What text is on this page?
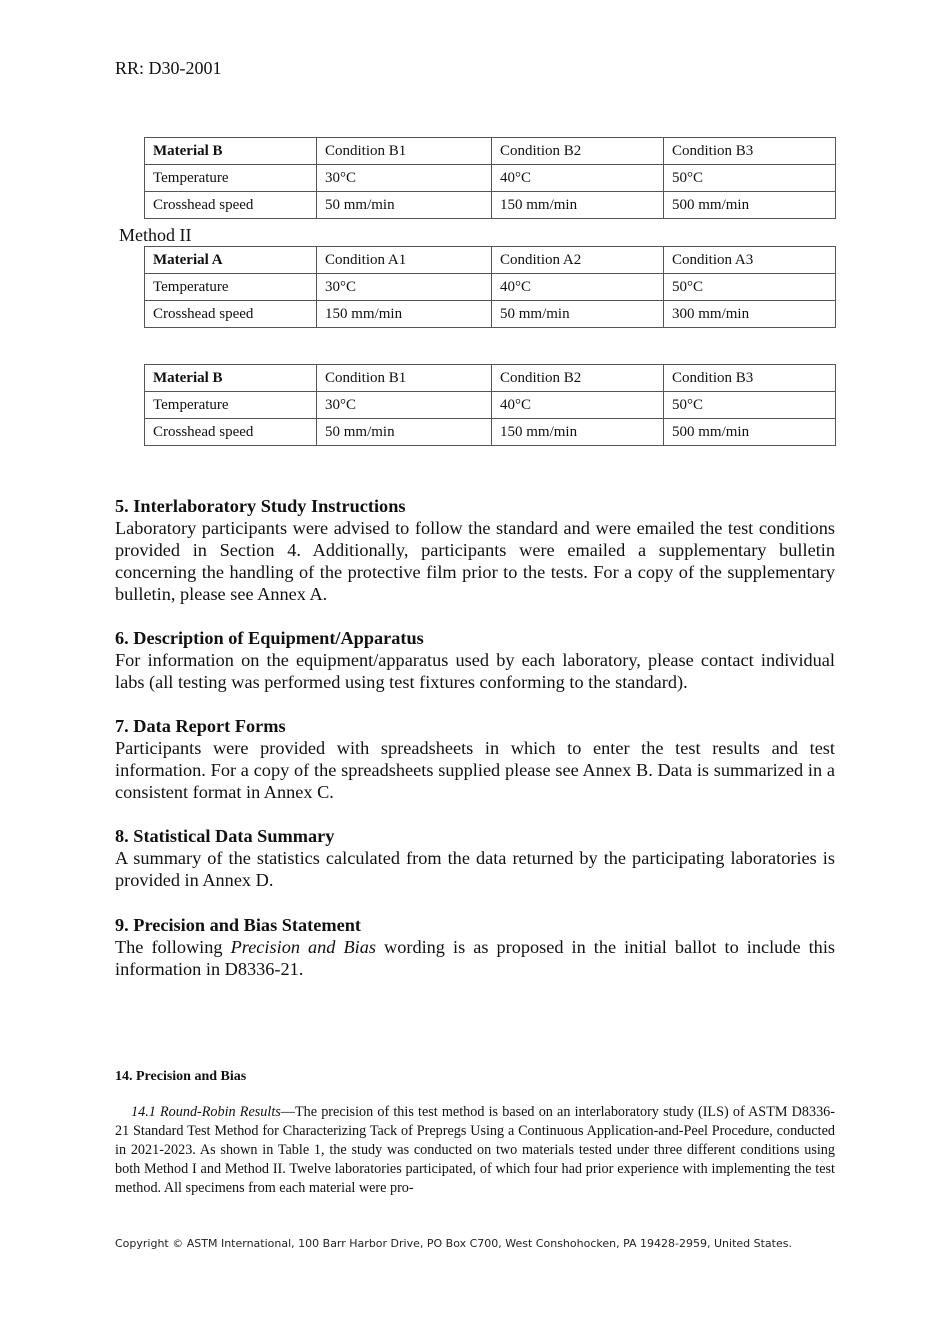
RR: D30-2001
Material B	Condition B1	Condition B2	Condition B3
Temperature	30°C	40°C	50°C
Crosshead speed	50 mm/min	150 mm/min	500 mm/min
Method II
Material A	Condition A1	Condition A2	Condition A3
Temperature	30°C	40°C	50°C
Crosshead speed	150 mm/min	50 mm/min	300 mm/min
Material B	Condition B1	Condition B2	Condition B3
Temperature	30°C	40°C	50°C
Crosshead speed	50 mm/min	150 mm/min	500 mm/min
5. Interlaboratory Study Instructions

Laboratory participants were advised to follow the standard and were emailed the test conditions provided in Section 4. Additionally, participants were emailed a supplementary bulletin concerning the handling of the protective film prior to the tests. For a copy of the supplementary bulletin, please see Annex A.

6. Description of Equipment/Apparatus

For information on the equipment/apparatus used by each laboratory, please contact individual labs (all testing was performed using test fixtures conforming to the standard).

7. Data Report Forms

Participants were provided with spreadsheets in which to enter the test results and test information. For a copy of the spreadsheets supplied please see Annex B. Data is summarized in a consistent format in Annex C.

8. Statistical Data Summary

A summary of the statistics calculated from the data returned by the participating laboratories is provided in Annex D.

9. Precision and Bias Statement

The following Precision and Bias wording is as proposed in the initial ballot to include this information in D8336-21.

14. Precision and Bias

14.1 Round-Robin Results—The precision of this test method is based on an interlaboratory study (ILS) of ASTM D8336-21 Standard Test Method for Characterizing Tack of Prepregs Using a Continuous Application-and-Peel Procedure, conducted in 2021-2023. As shown in Table 1, the study was conducted on two materials tested under three different conditions using both Method I and Method II. Twelve laboratories participated, of which four had prior experience with implementing the test method. All specimens from each material were pro-

Copyright © ASTM International, 100 Barr Harbor Drive, PO Box C700, West Conshohocken, PA 19428-2959, United States.
